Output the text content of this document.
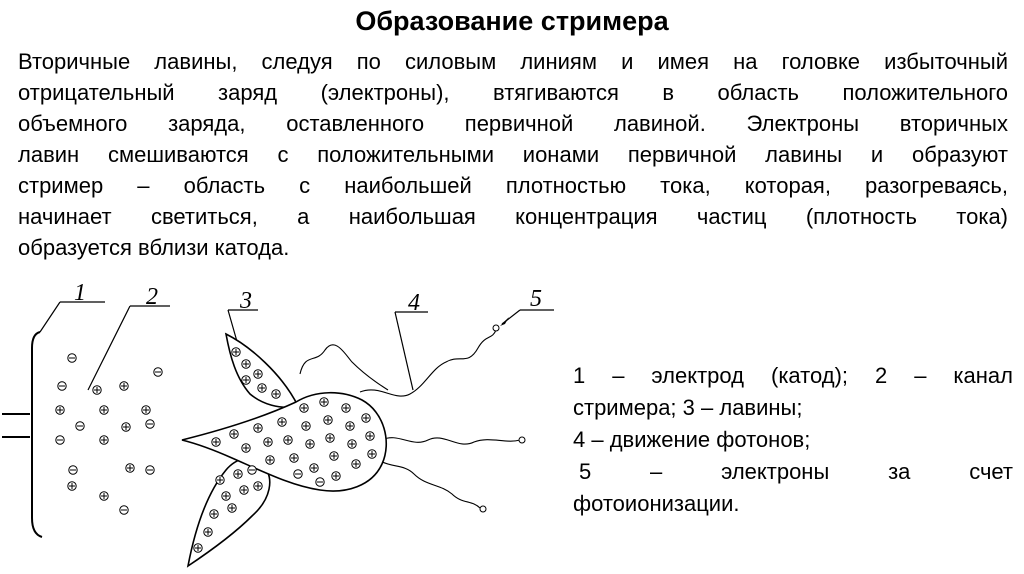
Образование стримера
Вторичные лавины, следуя по силовым линиям и имея на головке избыточный
отрицательный заряд (электроны), втягиваются в область положительного
объемного заряда, оставленного первичной лавиной. Электроны вторичных
лавин смешиваются с положительными ионами первичной лавины и образуют
стример – область с наибольшей плотностью тока, которая, разогреваясь,
начинает светиться, а наибольшая концентрация частиц (плотность тока)
образуется вблизи катода.
1	2	3	4	5
1 – электрод (катод); 2 – канал
стримера; 3 – лавины;
4 – движение фотонов;
5 – электроны за счет
фотоионизации.
